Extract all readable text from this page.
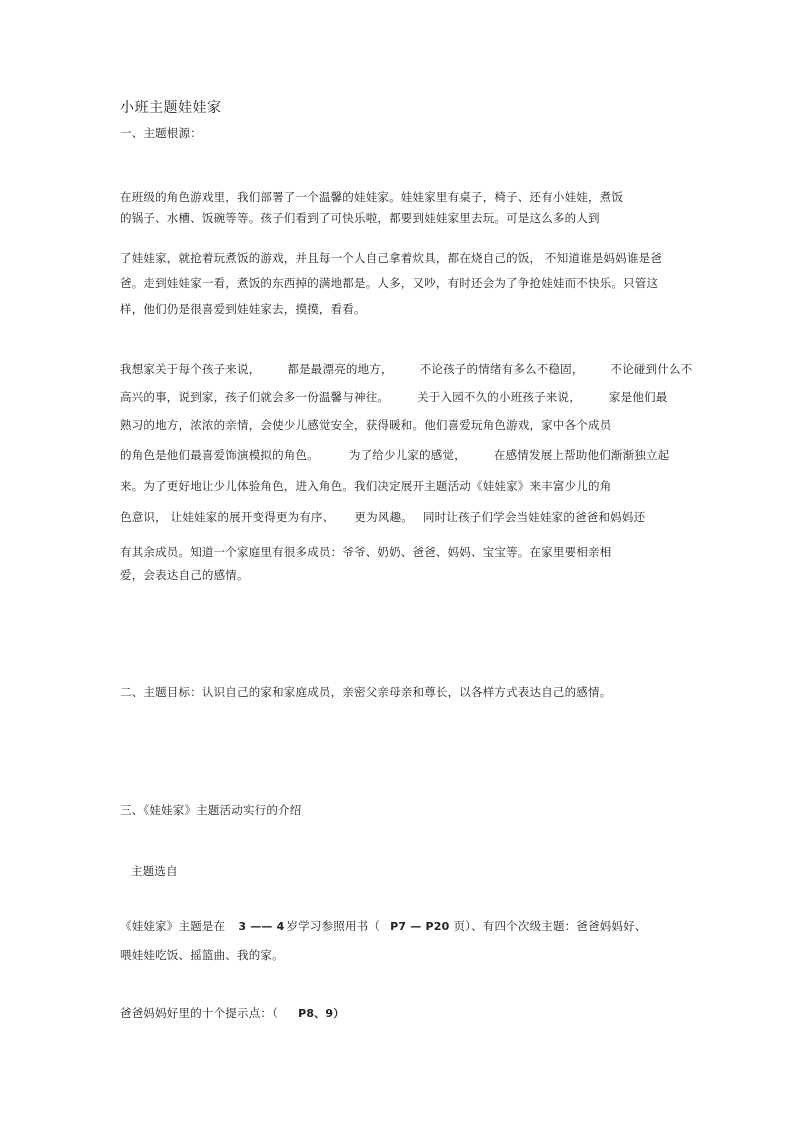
小班主题娃娃家
一、主题根源：
在班级的角色游戏里，我们部署了一个温馨的娃娃家。娃娃家里有桌子，椅子、还有小娃娃，煮饭
的锅子、水槽、饭碗等等。孩子们看到了可快乐啦，都要到娃娃家里去玩。可是这么多的人到
了娃娃家，就抢着玩煮饭的游戏，并且每一个人自己拿着炊具，都在烧自己的饭， 不知道谁是妈妈谁是爸
爸。走到娃娃家一看，煮饭的东西掉的满地都是。人多，又吵，有时还会为了争抢娃娃而不快乐。只管这
样，他们仍是很喜爱到娃娃家去，摸摸，看看。
我想家关于每个孩子来说， 都是最漂亮的地方， 不论孩子的情绪有多么不稳固， 不论碰到什么不
高兴的事，说到家，孩子们就会多一份温馨与神往。 关于入园不久的小班孩子来说， 家是他们最
熟习的地方，浓浓的亲情，会使少儿感觉安全，获得暖和。他们喜爱玩角色游戏，家中各个成员
的角色是他们最喜爱饰演模拟的角色。	为了给少儿家的感觉， 在感情发展上帮助他们渐渐独立起
来。为了更好地让少儿体验角色，进入角色。我们决定展开主题活动《娃娃家》来丰富少儿的角
色意识， 让娃娃家的展开变得更为有序、 更为风趣。 同时让孩子们学会当娃娃家的爸爸和妈妈还
有其余成员。知道一个家庭里有很多成员：爷爷、奶奶、爸爸、妈妈、宝宝等。在家里要相亲相
爱，会表达自己的感情。
二、主题目标：认识自己的家和家庭成员，亲密父亲母亲和尊长，以各样方式表达自己的感情。
三、《娃娃家》主题活动实行的介绍
主题选自
《娃娃家》主题是在 3 —— 4 岁学习参照用书（ P7 — P20 页）、有四个次级主题：爸爸妈妈好、
喂娃娃吃饭、摇篮曲、我的家。
爸爸妈妈好里的十个提示点：（ P8、9）
